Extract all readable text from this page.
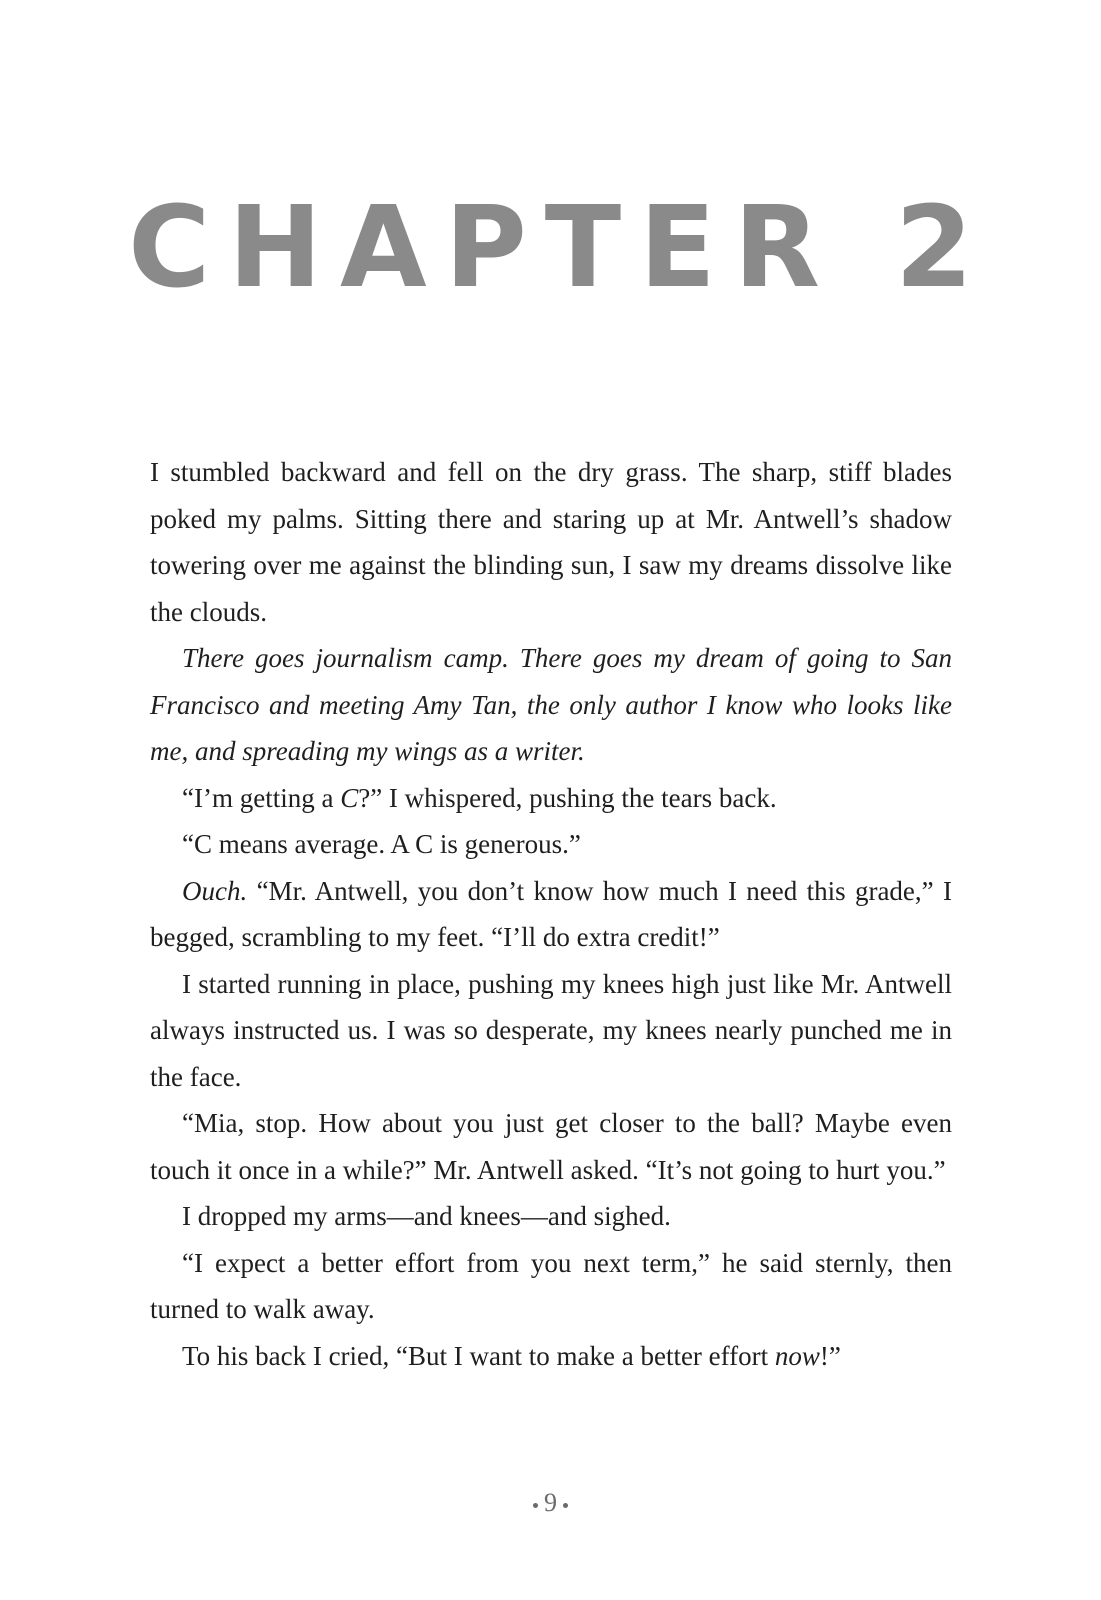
CHAPTER 2

I stumbled backward and fell on the dry grass. The sharp, stiff blades poked my palms. Sitting there and staring up at Mr. Antwell’s shadow towering over me against the blinding sun, I saw my dreams dissolve like the clouds.

There goes journalism camp. There goes my dream of going to San Francisco and meeting Amy Tan, the only author I know who looks like me, and spreading my wings as a writer.

“I’m getting a C?” I whispered, pushing the tears back.

“C means average. A C is generous.”

Ouch. “Mr. Antwell, you don’t know how much I need this grade,” I begged, scrambling to my feet. “I’ll do extra credit!”

I started running in place, pushing my knees high just like Mr. Antwell always instructed us. I was so desperate, my knees nearly punched me in the face.

“Mia, stop. How about you just get closer to the ball? Maybe even touch it once in a while?” Mr. Antwell asked. “It’s not going to hurt you.”

I dropped my arms—and knees—and sighed.

“I expect a better effort from you next term,” he said sternly, then turned to walk away.

To his back I cried, “But I want to make a better effort now!”

9
